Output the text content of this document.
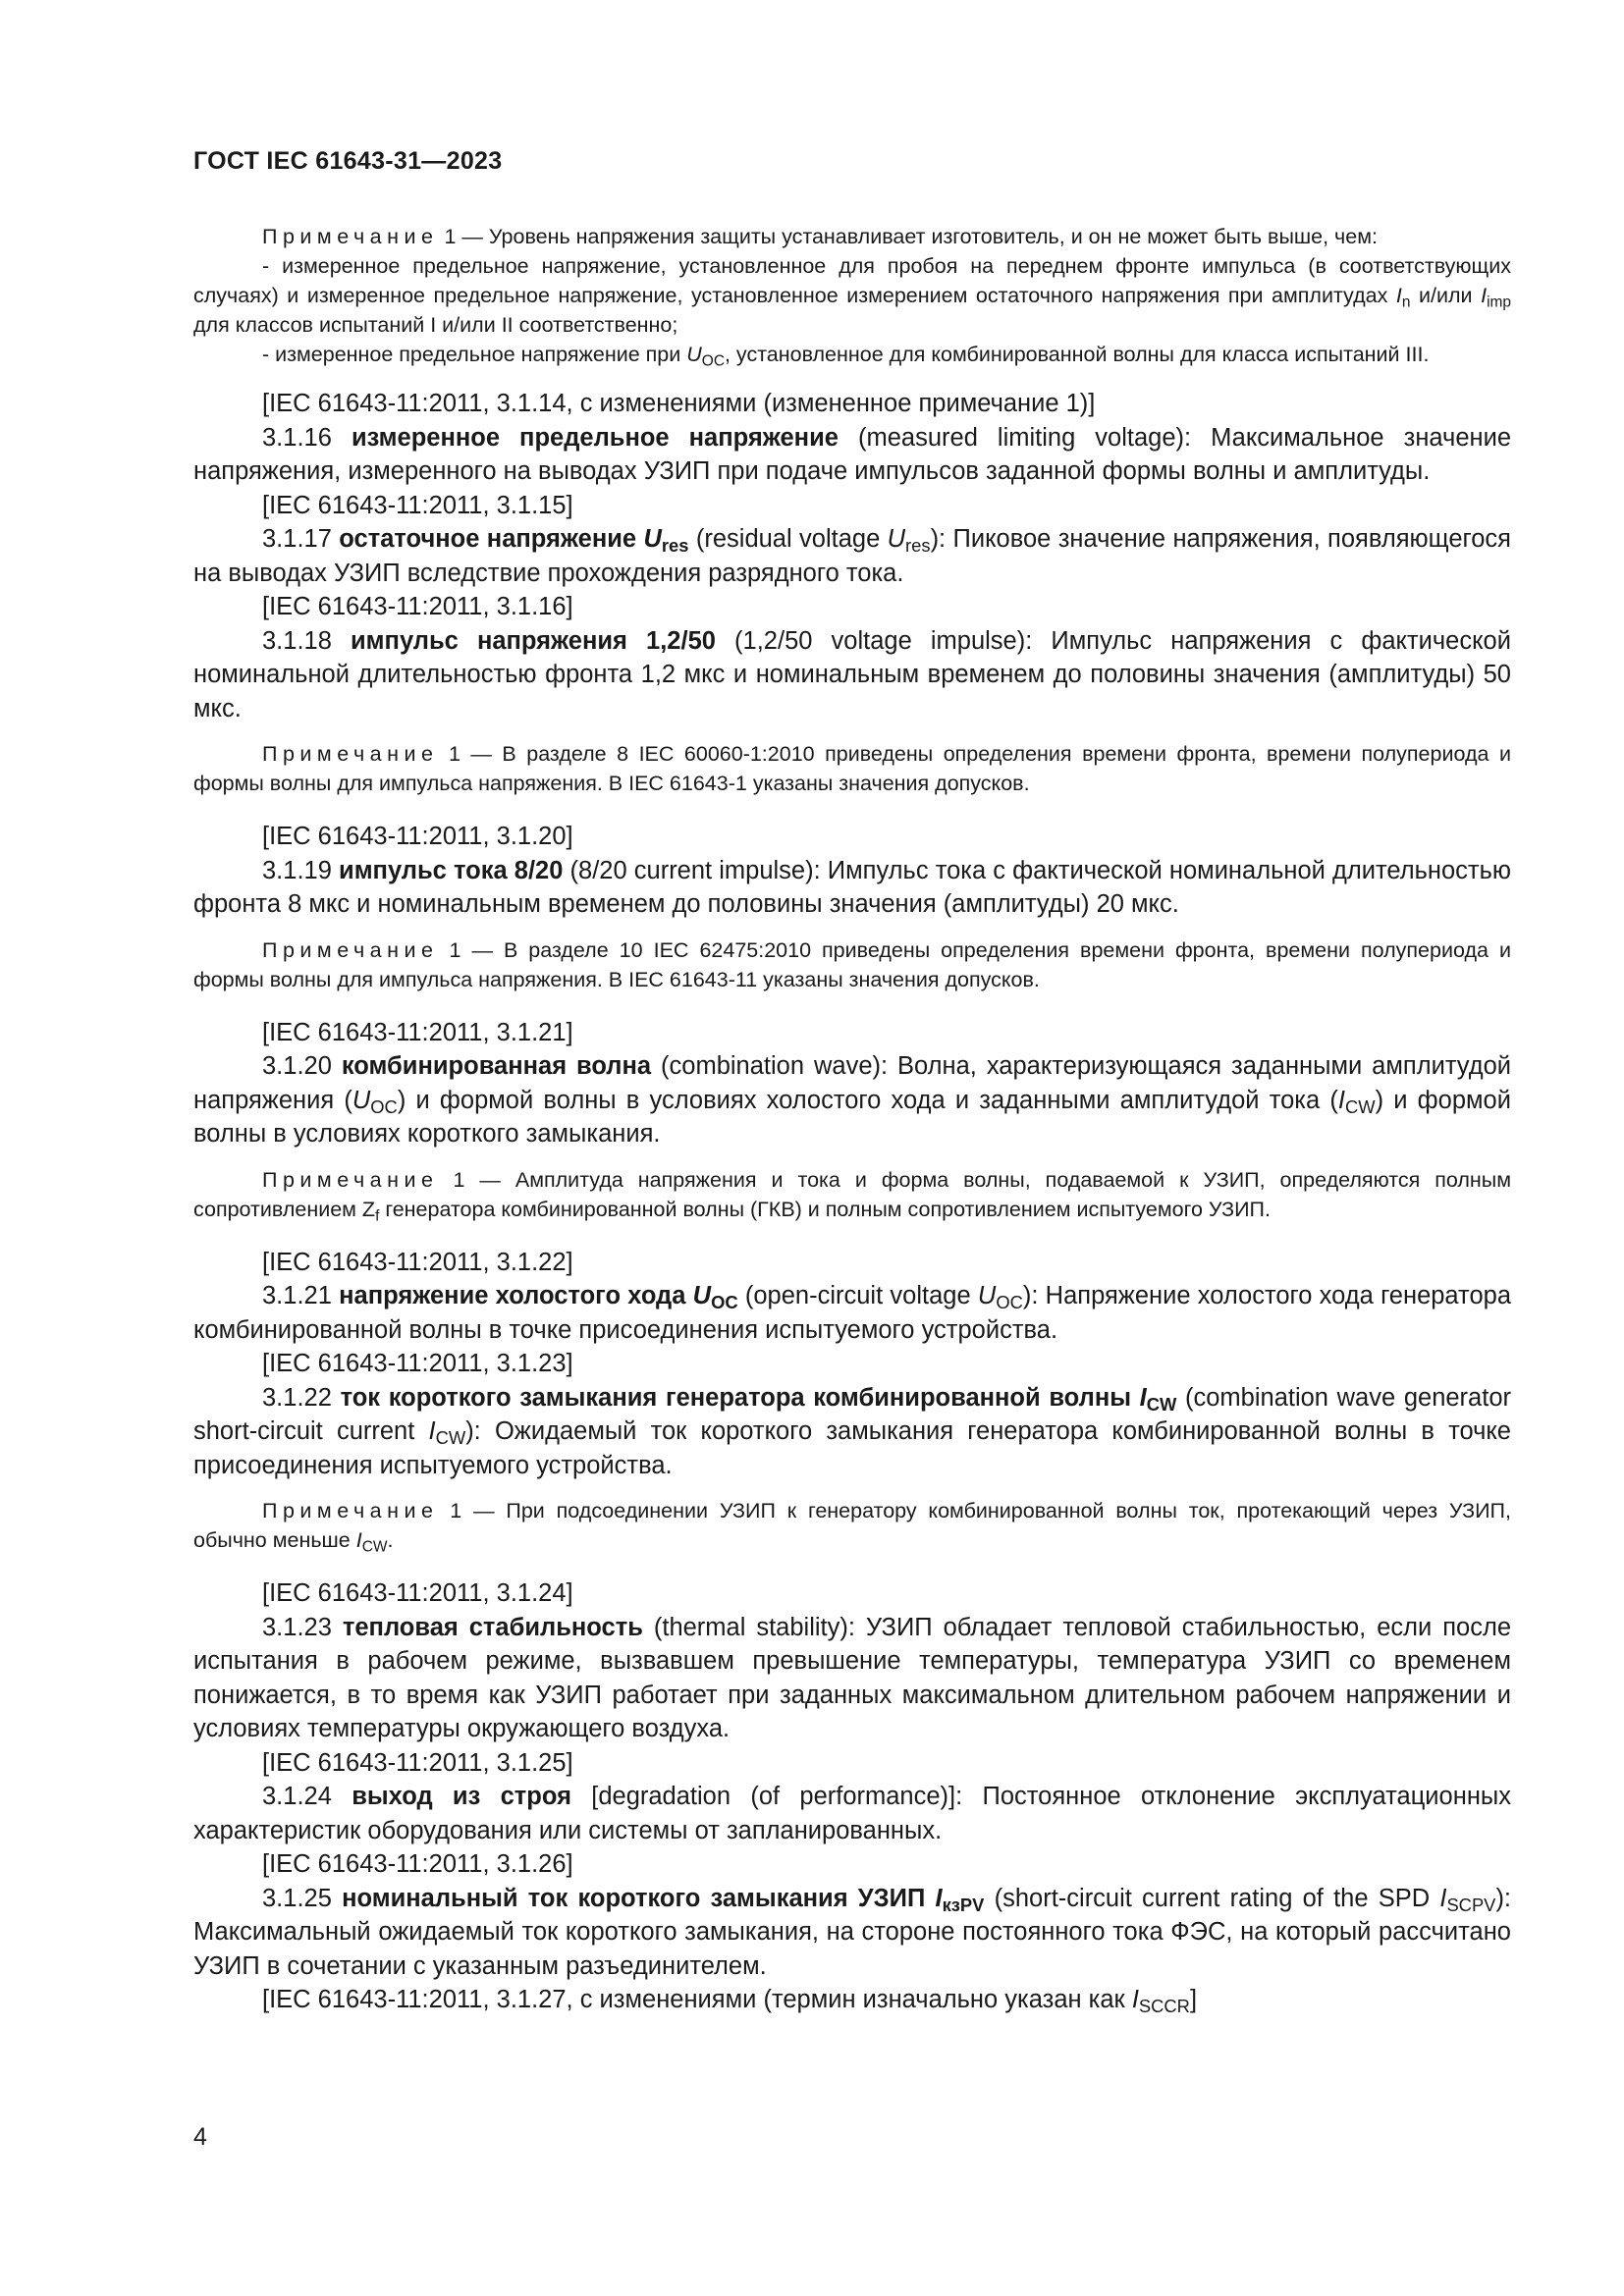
ГОСТ IEC 61643-31—2023

Примечание 1 — Уровень напряжения защиты устанавливает изготовитель, и он не может быть выше, чем:

- измеренное предельное напряжение, установленное для пробоя на переднем фронте импульса (в соответствующих случаях) и измеренное предельное напряжение, установленное измерением остаточного напряжения при амплитудах $I_n$ и/или $I_{imp}$ для классов испытаний I и/или II соответственно;

- измеренное предельное напряжение при $U_{OC}$, установленное для комбинированной волны для класса испытаний III.

[IEC 61643-11:2011, 3.1.14, с изменениями (измененное примечание 1)]

3.1.16 измеренное предельное напряжение (measured limiting voltage): Максимальное значение напряжения, измеренного на выводах УЗИП при подаче импульсов заданной формы волны и амплитуды.

[IEC 61643-11:2011, 3.1.15]

3.1.17 остаточное напряжение $U_{res}$ (residual voltage $U_{res}$): Пиковое значение напряжения, появляющегося на выводах УЗИП вследствие прохождения разрядного тока.

[IEC 61643-11:2011, 3.1.16]

3.1.18 импульс напряжения 1,2/50 (1,2/50 voltage impulse): Импульс напряжения с фактической номинальной длительностью фронта 1,2 мкс и номинальным временем до половины значения (амплитуды) 50 мкс.

Примечание 1 — В разделе 8 IEC 60060-1:2010 приведены определения времени фронта, времени полупериода и формы волны для импульса напряжения. В IEC 61643-1 указаны значения допусков.

[IEC 61643-11:2011, 3.1.20]

3.1.19 импульс тока 8/20 (8/20 current impulse): Импульс тока с фактической номинальной длительностью фронта 8 мкс и номинальным временем до половины значения (амплитуды) 20 мкс.

Примечание 1 — В разделе 10 IEC 62475:2010 приведены определения времени фронта, времени полупериода и формы волны для импульса напряжения. В IEC 61643-11 указаны значения допусков.

[IEC 61643-11:2011, 3.1.21]

3.1.20 комбинированная волна (combination wave): Волна, характеризующаяся заданными амплитудой напряжения $(U_{OC})$ и формой волны в условиях холостого хода и заданными амплитудой тока $(I_{CW})$ и формой волны в условиях короткого замыкания.

Примечание 1 — Амплитуда напряжения и тока и форма волны, подаваемой к УЗИП, определяются полным сопротивлением $Z_f$ генератора комбинированной волны (ГКВ) и полным сопротивлением испытуемого УЗИП.

[IEC 61643-11:2011, 3.1.22]

3.1.21 напряжение холостого хода $U_{OC}$ (open-circuit voltage $U_{OC}$): Напряжение холостого хода генератора комбинированной волны в точке присоединения испытуемого устройства.

[IEC 61643-11:2011, 3.1.23]

3.1.22 ток короткого замыкания генератора комбинированной волны $I_{CW}$ (combination wave generator short-circuit current $I_{CW}$): Ожидаемый ток короткого замыкания генератора комбинированной волны в точке присоединения испытуемого устройства.

Примечание 1 — При подсоединении УЗИП к генератору комбинированной волны ток, протекающий через УЗИП, обычно меньше $I_{CW}$.

[IEC 61643-11:2011, 3.1.24]

3.1.23 тепловая стабильность (thermal stability): УЗИП обладает тепловой стабильностью, если после испытания в рабочем режиме, вызвавшем превышение температуры, температура УЗИП со временем понижается, в то время как УЗИП работает при заданных максимальном длительном рабочем напряжении и условиях температуры окружающего воздуха.

[IEC 61643-11:2011, 3.1.25]

3.1.24 выход из строя [degradation (of performance)]: Постоянное отклонение эксплуатационных характеристик оборудования или системы от запланированных.

[IEC 61643-11:2011, 3.1.26]

3.1.25 номинальный ток короткого замыкания УЗИП $I_{кзPV}$ (short-circuit current rating of the SPD $I_{SCPV}$): Максимальный ожидаемый ток короткого замыкания, на стороне постоянного тока ФЭС, на который рассчитано УЗИП в сочетании с указанным разъединителем.

[IEC 61643-11:2011, 3.1.27, с изменениями (термин изначально указан как $I_{SCCR}$]

4
